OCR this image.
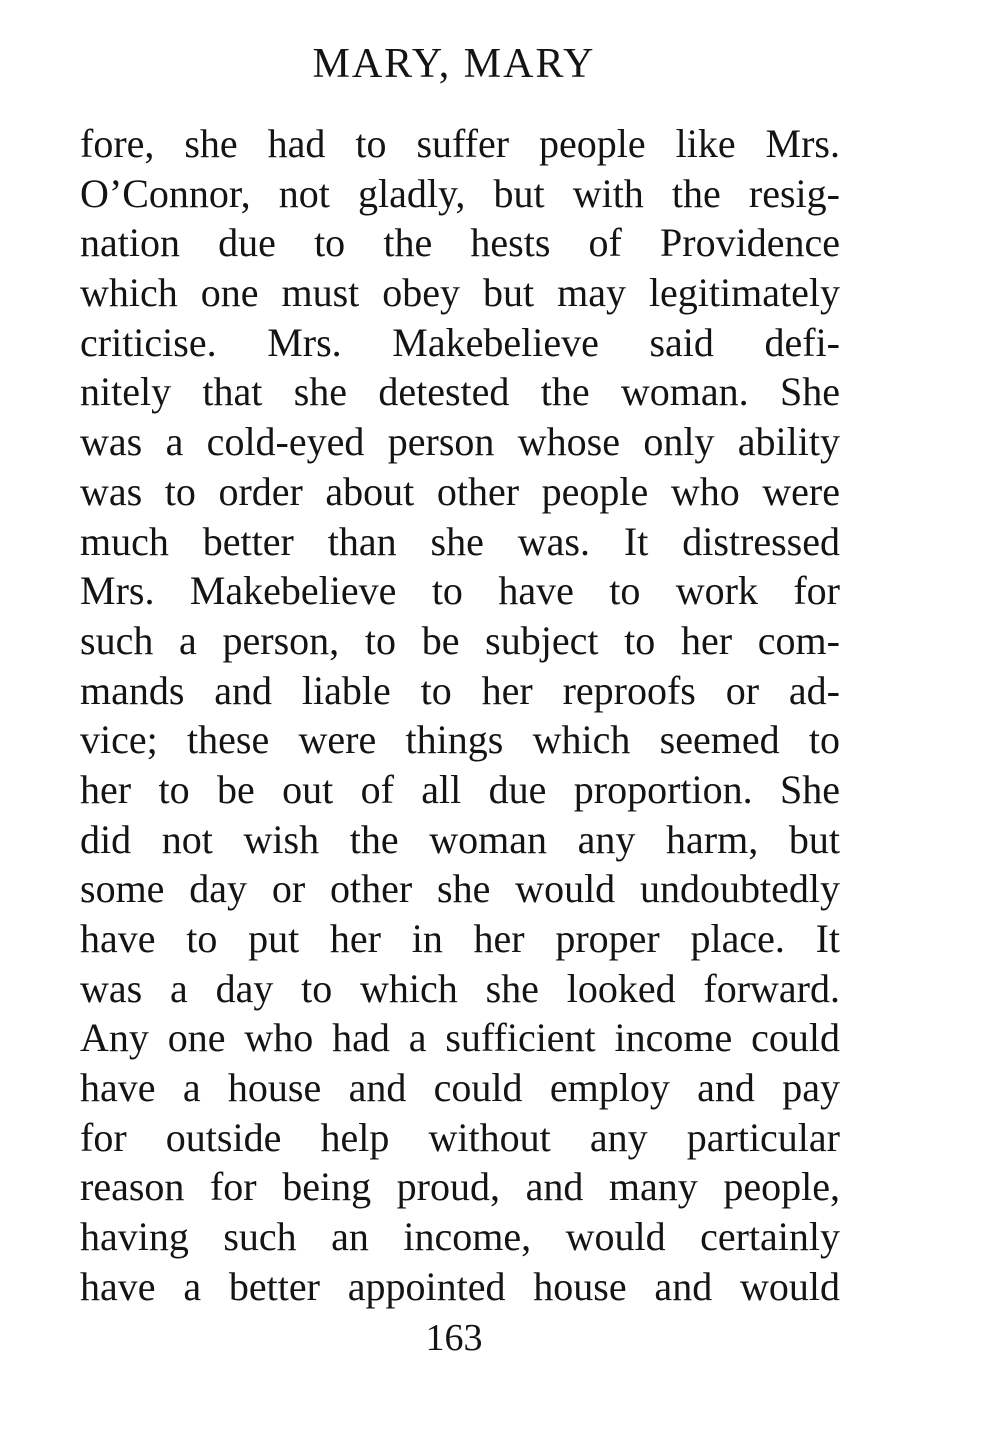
MARY, MARY
fore, she had to suffer people like Mrs.
O’Connor, not gladly, but with the resig-
nation due to the hests of Providence
which one must obey but may legitimately
criticise. Mrs. Makebelieve said defi-
nitely that she detested the woman. She
was a cold-eyed person whose only ability
was to order about other people who were
much better than she was. It distressed
Mrs. Makebelieve to have to work for
such a person, to be subject to her com-
mands and liable to her reproofs or ad-
vice; these were things which seemed to
her to be out of all due proportion. She
did not wish the woman any harm, but
some day or other she would undoubtedly
have to put her in her proper place. It
was a day to which she looked forward.
Any one who had a sufficient income could
have a house and could employ and pay
for outside help without any particular
reason for being proud, and many people,
having such an income, would certainly
have a better appointed house and would
163
